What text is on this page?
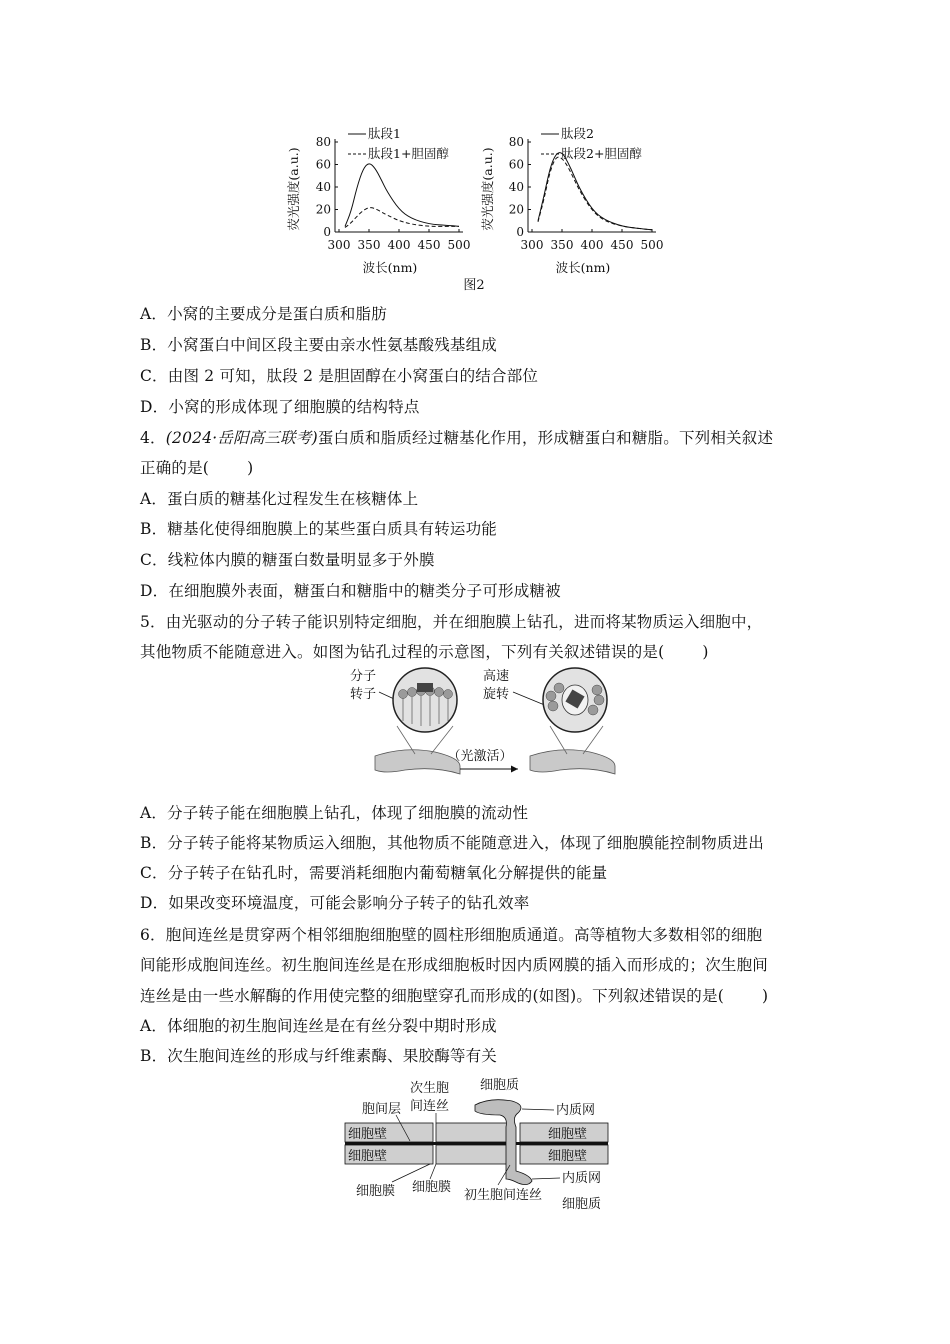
荧光强度(a.u.)
80
60
40
20
0
300 350 400 450 500
肽段1
肽段1+胆固醇
波长(nm)
荧光强度(a.u.)
80
60
40
20
0
300 350 400 450 500
肽段2
肽段2+胆固醇
波长(nm)
图2
A．小窝的主要成分是蛋白质和脂肪
B．小窝蛋白中间区段主要由亲水性氨基酸残基组成
C．由图 2 可知，肽段 2 是胆固醇在小窝蛋白的结合部位
D．小窝的形成体现了细胞膜的结构特点
4．(2024·岳阳高三联考)蛋白质和脂质经过糖基化作用，形成糖蛋白和糖脂。下列相关叙述
正确的是( )
A．蛋白质的糖基化过程发生在核糖体上
B．糖基化使得细胞膜上的某些蛋白质具有转运功能
C．线粒体内膜的糖蛋白数量明显多于外膜
D．在细胞膜外表面，糖蛋白和糖脂中的糖类分子可形成糖被
5．由光驱动的分子转子能识别特定细胞，并在细胞膜上钻孔，进而将某物质运入细胞中，
其他物质不能随意进入。如图为钻孔过程的示意图，下列有关叙述错误的是( )
分子
转子
（光激活）
高速
旋转
A．分子转子能在细胞膜上钻孔，体现了细胞膜的流动性
B．分子转子能将某物质运入细胞，其他物质不能随意进入，体现了细胞膜能控制物质进出
C．分子转子在钻孔时，需要消耗细胞内葡萄糖氧化分解提供的能量
D．如果改变环境温度，可能会影响分子转子的钻孔效率
6．胞间连丝是贯穿两个相邻细胞细胞壁的圆柱形细胞质通道。高等植物大多数相邻的细胞
间能形成胞间连丝。初生胞间连丝是在形成细胞板时因内质网膜的插入而形成的；次生胞间
连丝是由一些水解酶的作用使完整的细胞壁穿孔而形成的(如图)。下列叙述错误的是( )
A．体细胞的初生胞间连丝是在有丝分裂中期时形成
B．次生胞间连丝的形成与纤维素酶、果胶酶等有关
次生胞
间连丝
细胞质
胞间层	内质网
细胞壁
细胞壁
细胞壁
细胞壁
内质网
细胞膜 细胞膜
初生胞间连丝
细胞质
